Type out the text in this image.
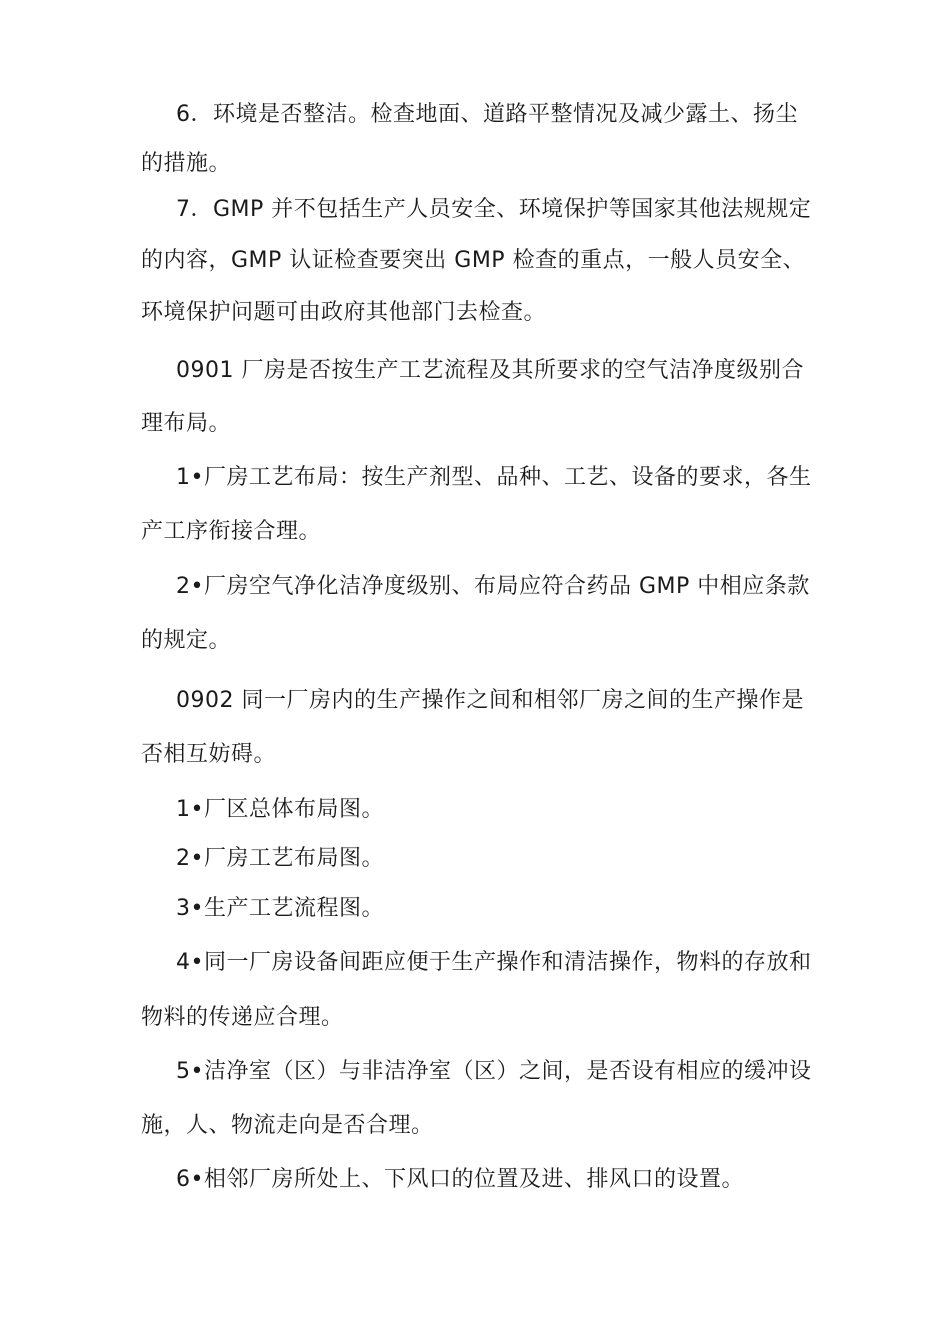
6．环境是否整洁。检查地面、道路平整情况及减少露土、扬尘
的措施。
7．GMP 并不包括生产人员安全、环境保护等国家其他法规规定
的内容，GMP 认证检查要突出 GMP 检查的重点，一般人员安全、
环境保护问题可由政府其他部门去检查。
0901 厂房是否按生产工艺流程及其所要求的空气洁净度级别合
理布局。
1•厂房工艺布局：按生产剂型、品种、工艺、设备的要求，各生
产工序衔接合理。
2•厂房空气净化洁净度级别、布局应符合药品 GMP 中相应条款
的规定。
0902 同一厂房内的生产操作之间和相邻厂房之间的生产操作是
否相互妨碍。
1•厂区总体布局图。
2•厂房工艺布局图。
3•生产工艺流程图。
4•同一厂房设备间距应便于生产操作和清洁操作，物料的存放和
物料的传递应合理。
5•洁净室（区）与非洁净室（区）之间，是否设有相应的缓冲设
施，人、物流走向是否合理。
6•相邻厂房所处上、下风口的位置及进、排风口的设置。
